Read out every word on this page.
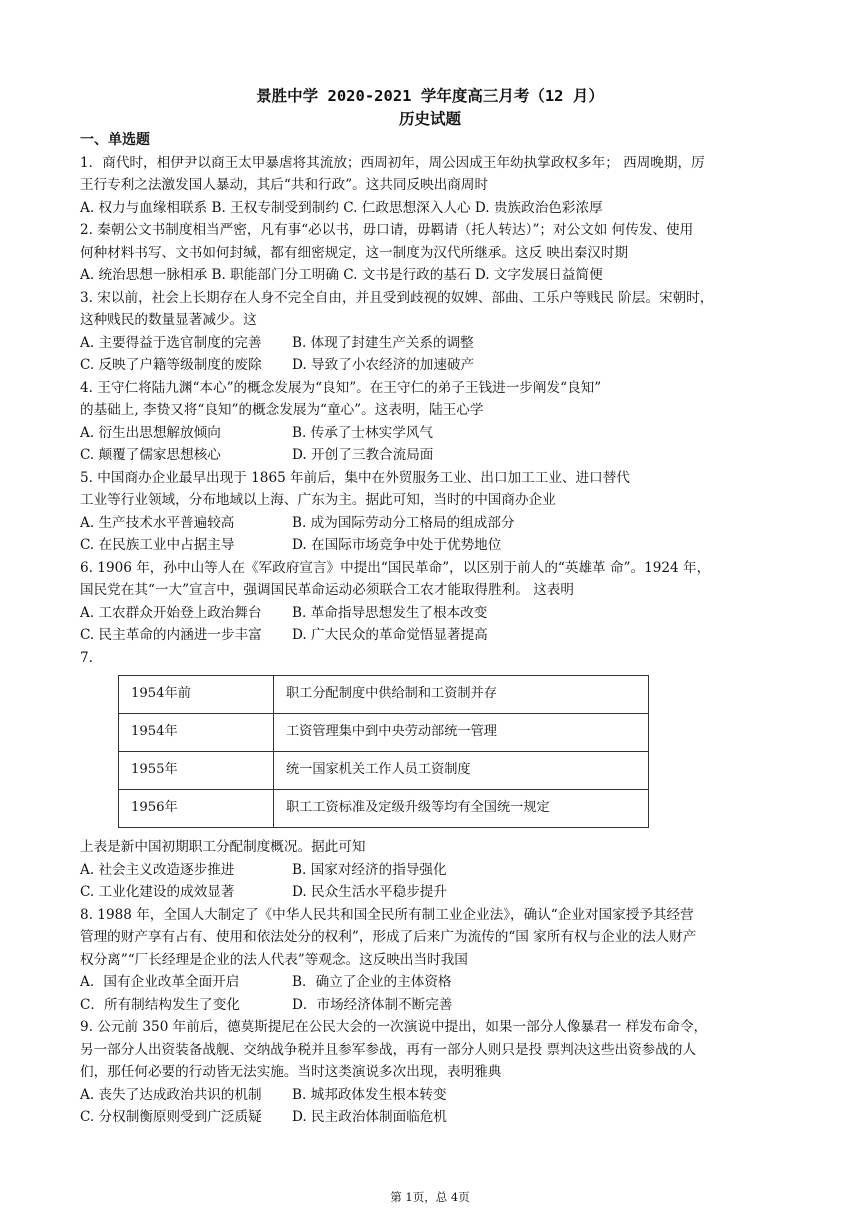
景胜中学 2020-2021 学年度高三月考（12 月）
历史试题
一、单选题
1．商代时，相伊尹以商王太甲暴虐将其流放；西周初年，周公因成王年幼执掌政权多年； 西周晚期，厉
王行专利之法激发国人暴动，其后“共和行政”。这共同反映出商周时
A. 权力与血缘相联系 B. 王权专制受到制约 C. 仁政思想深入人心 D. 贵族政治色彩浓厚
2. 秦朝公文书制度相当严密，凡有事“必以书，毋口请，毋羁请（托人转达）”；对公文如 何传发、使用
何种材料书写、文书如何封缄，都有细密规定，这一制度为汉代所继承。这反 映出秦汉时期
A. 统治思想一脉相承 B. 职能部门分工明确 C. 文书是行政的基石 D. 文字发展日益简便
3. 宋以前，社会上长期存在人身不完全自由，并且受到歧视的奴婢、部曲、工乐户等贱民 阶层。宋朝时，
这种贱民的数量显著减少。这
A. 主要得益于选官制度的完善	B. 体现了封建生产关系的调整
C. 反映了户籍等级制度的废除	D. 导致了小农经济的加速破产
4. 王守仁将陆九渊“本心”的概念发展为“良知”。在王守仁的弟子王钱进一步阐发“良知”
的基础上, 李贽又将“良知”的概念发展为“童心”。这表明，陆王心学
A. 衍生出思想解放倾向	B. 传承了士林实学风气
C. 颠覆了儒家思想核心	D. 开创了三教合流局面
5. 中国商办企业最早出现于 1865 年前后，集中在外贸服务工业、出口加工工业、进口替代
工业等行业领域，分布地域以上海、广东为主。据此可知，当时的中国商办企业
A. 生产技术水平普遍较高	B. 成为国际劳动分工格局的组成部分
C. 在民族工业中占据主导	D. 在国际市场竞争中处于优势地位
6. 1906 年，孙中山等人在《军政府宣言》中提出“国民革命”，以区别于前人的“英雄革 命”。1924 年，
国民党在其“一大”宣言中，强调国民革命运动必须联合工农才能取得胜利。 这表明
A. 工农群众开始登上政治舞台	B. 革命指导思想发生了根本改变
C. 民主革命的内涵进一步丰富	D. 广大民众的革命觉悟显著提高
7.
1954年前	职工分配制度中供给制和工资制并存
1954年	工资管理集中到中央劳动部统一管理
1955年	统一国家机关工作人员工资制度
1956年	职工工资标准及定级升级等均有全国统一规定
上表是新中国初期职工分配制度概况。据此可知
A. 社会主义改造逐步推进	B. 国家对经济的指导强化
C. 工业化建设的成效显著	D. 民众生活水平稳步提升
8. 1988 年，全国人大制定了《中华人民共和国全民所有制工业企业法》，确认“企业对国家授予其经营
管理的财产享有占有、使用和依法处分的权利”，形成了后来广为流传的“国 家所有权与企业的法人财产
权分离”“厂长经理是企业的法人代表”等观念。这反映出当时我国
A．国有企业改革全面开启	B．确立了企业的主体资格
C．所有制结构发生了变化	D．市场经济体制不断完善
9. 公元前 350 年前后，德莫斯提尼在公民大会的一次演说中提出，如果一部分人像暴君一 样发布命令，
另一部分人出资装备战舰、交纳战争税并且参军参战，再有一部分人则只是投 票判决这些出资参战的人
们，那任何必要的行动皆无法实施。当时这类演说多次出现，表明雅典
A. 丧失了达成政治共识的机制	B. 城邦政体发生根本转变
C. 分权制衡原则受到广泛质疑	D. 民主政治体制面临危机
第 1页，总 4页
